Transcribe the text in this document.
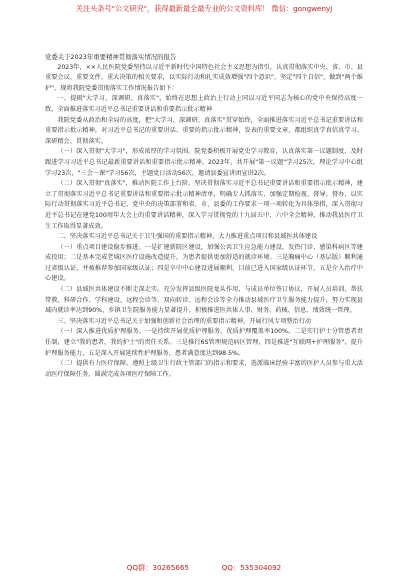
关注头条号"公文研究"，获得最新最全最专业的公文资料库！ 微信：gongwenyj

党委关于2023年重要精神贯彻落实情况的报告

2023年，××人民医院党委坚持以习近平新时代中国特色社会主义思想为指引，认真贯彻落实中央、省、市、县重要会议、重要文件、重大决策的相关要求，以实际行动和扎实成效增强"四个意识"、坚定"四个自信"、做到"两个维护"，现将我院党委贯彻落实工作情况报告如下：

一、提振"大学习、深调研、真落实"，始终在思想上政治上行动上同以习近平同志为核心的党中央保持高度一致，全面推进落实习近平总书记重要讲话和重要指示批示精神

我院党委从政治和全局的高度，把"大学习、深调研、真落实"贯穿始终，全面推进落实习近平总书记重要讲话和重要指示批示精神，对习近平总书记的重要讲话、重要的指示批示精神，发表的重要文章，都组织真学真信真学习、深研精会、贯彻落实。

（一）深入贯彻"大学习"，形成浓厚的学习氛围。院党委积极开展党史学习教育，认真落实第一议题制度，及时跟进学习习近平总书记最新重要讲话和重要指示批示精神。2023年，共开展"第一议题"学习25次，理论学习中心组学习23次，"三会一课"学习56次，主题党日活动56次，邀请县委宣讲团宣讲2次。

（二）深入贯彻"真落实"，推动医院工作上台阶。坚决贯彻落实习近平总书记重要讲话和重要指示批示精神，建立了贯彻落实习近平总书记重要讲话和重要指示批示精神清单，明确专人抓落实，加强定期检视、督导、督办，以实际行动贯彻落实习近平总书记、党中央的决策部署和省、市、县委的工作要求一项一项转化为具体举措，深入贯彻习近平总书记在建党100周年大会上的重要讲话精神，深入学习贯彻党的十九届五中、六中全会精神，推动我县医疗卫生工作取得显著成效。

二、坚决落实习近平总书记关于卫生强国的重要指示精神，大力推进重点项目和县域医共体建设

（一）重点项目建设稳步推进。一是扩建新院区建设，加强公共卫生应急能力建设，发热门诊、感染科病区等建成投用；二是基本完成老城区医疗设施改造提升，为患者提供更加舒适的就诊环境。三是胸痛中心（基层版）顺利通过省级认证，并被推荐参加国家级认证；四是卒中中心建设进展顺利，目前已进入国家级认证环节，五是介入治疗中心建设。

（二）县域医共体建设不断走深走实。充分发挥县级医院龙头作用，与成员单位签订协议，开展人员培训、帮扶带教、科研合作、学科建设、远程会诊等，双向转诊、远程会诊等全力推动县域医疗卫生服务能力提升，努力实现县域内就诊率达到90%，乡镇卫生院服务能力显著提升，积极推进医共体人事、财务、药械、信息、绩效统一管理。

三、坚决落实习近平总书记关于加强和创新社会治理的重要指示精神，开展行风专项整治行动

（一）深入推进优质护理服务。一是持续开展优质护理服务，优质护理覆盖率100%。二是实行护士分管患者责任制，建立"我的患者，我的护士"的责任关系。三是推行6S管理规范病区管理，四是推进"互联网+护理服务"，提升护理服务能力，五是深入开展延续性护理服务，患者满意度达到98.5%。

（二）提供有力医疗保障。遵照上级卫生行政主管部门的指示和要求，选派临床经验丰富的医护人员参与重大活动医疗保障任务，圆满完成各项医疗保障工作。

QQ群：30265665	QQ：535304092
